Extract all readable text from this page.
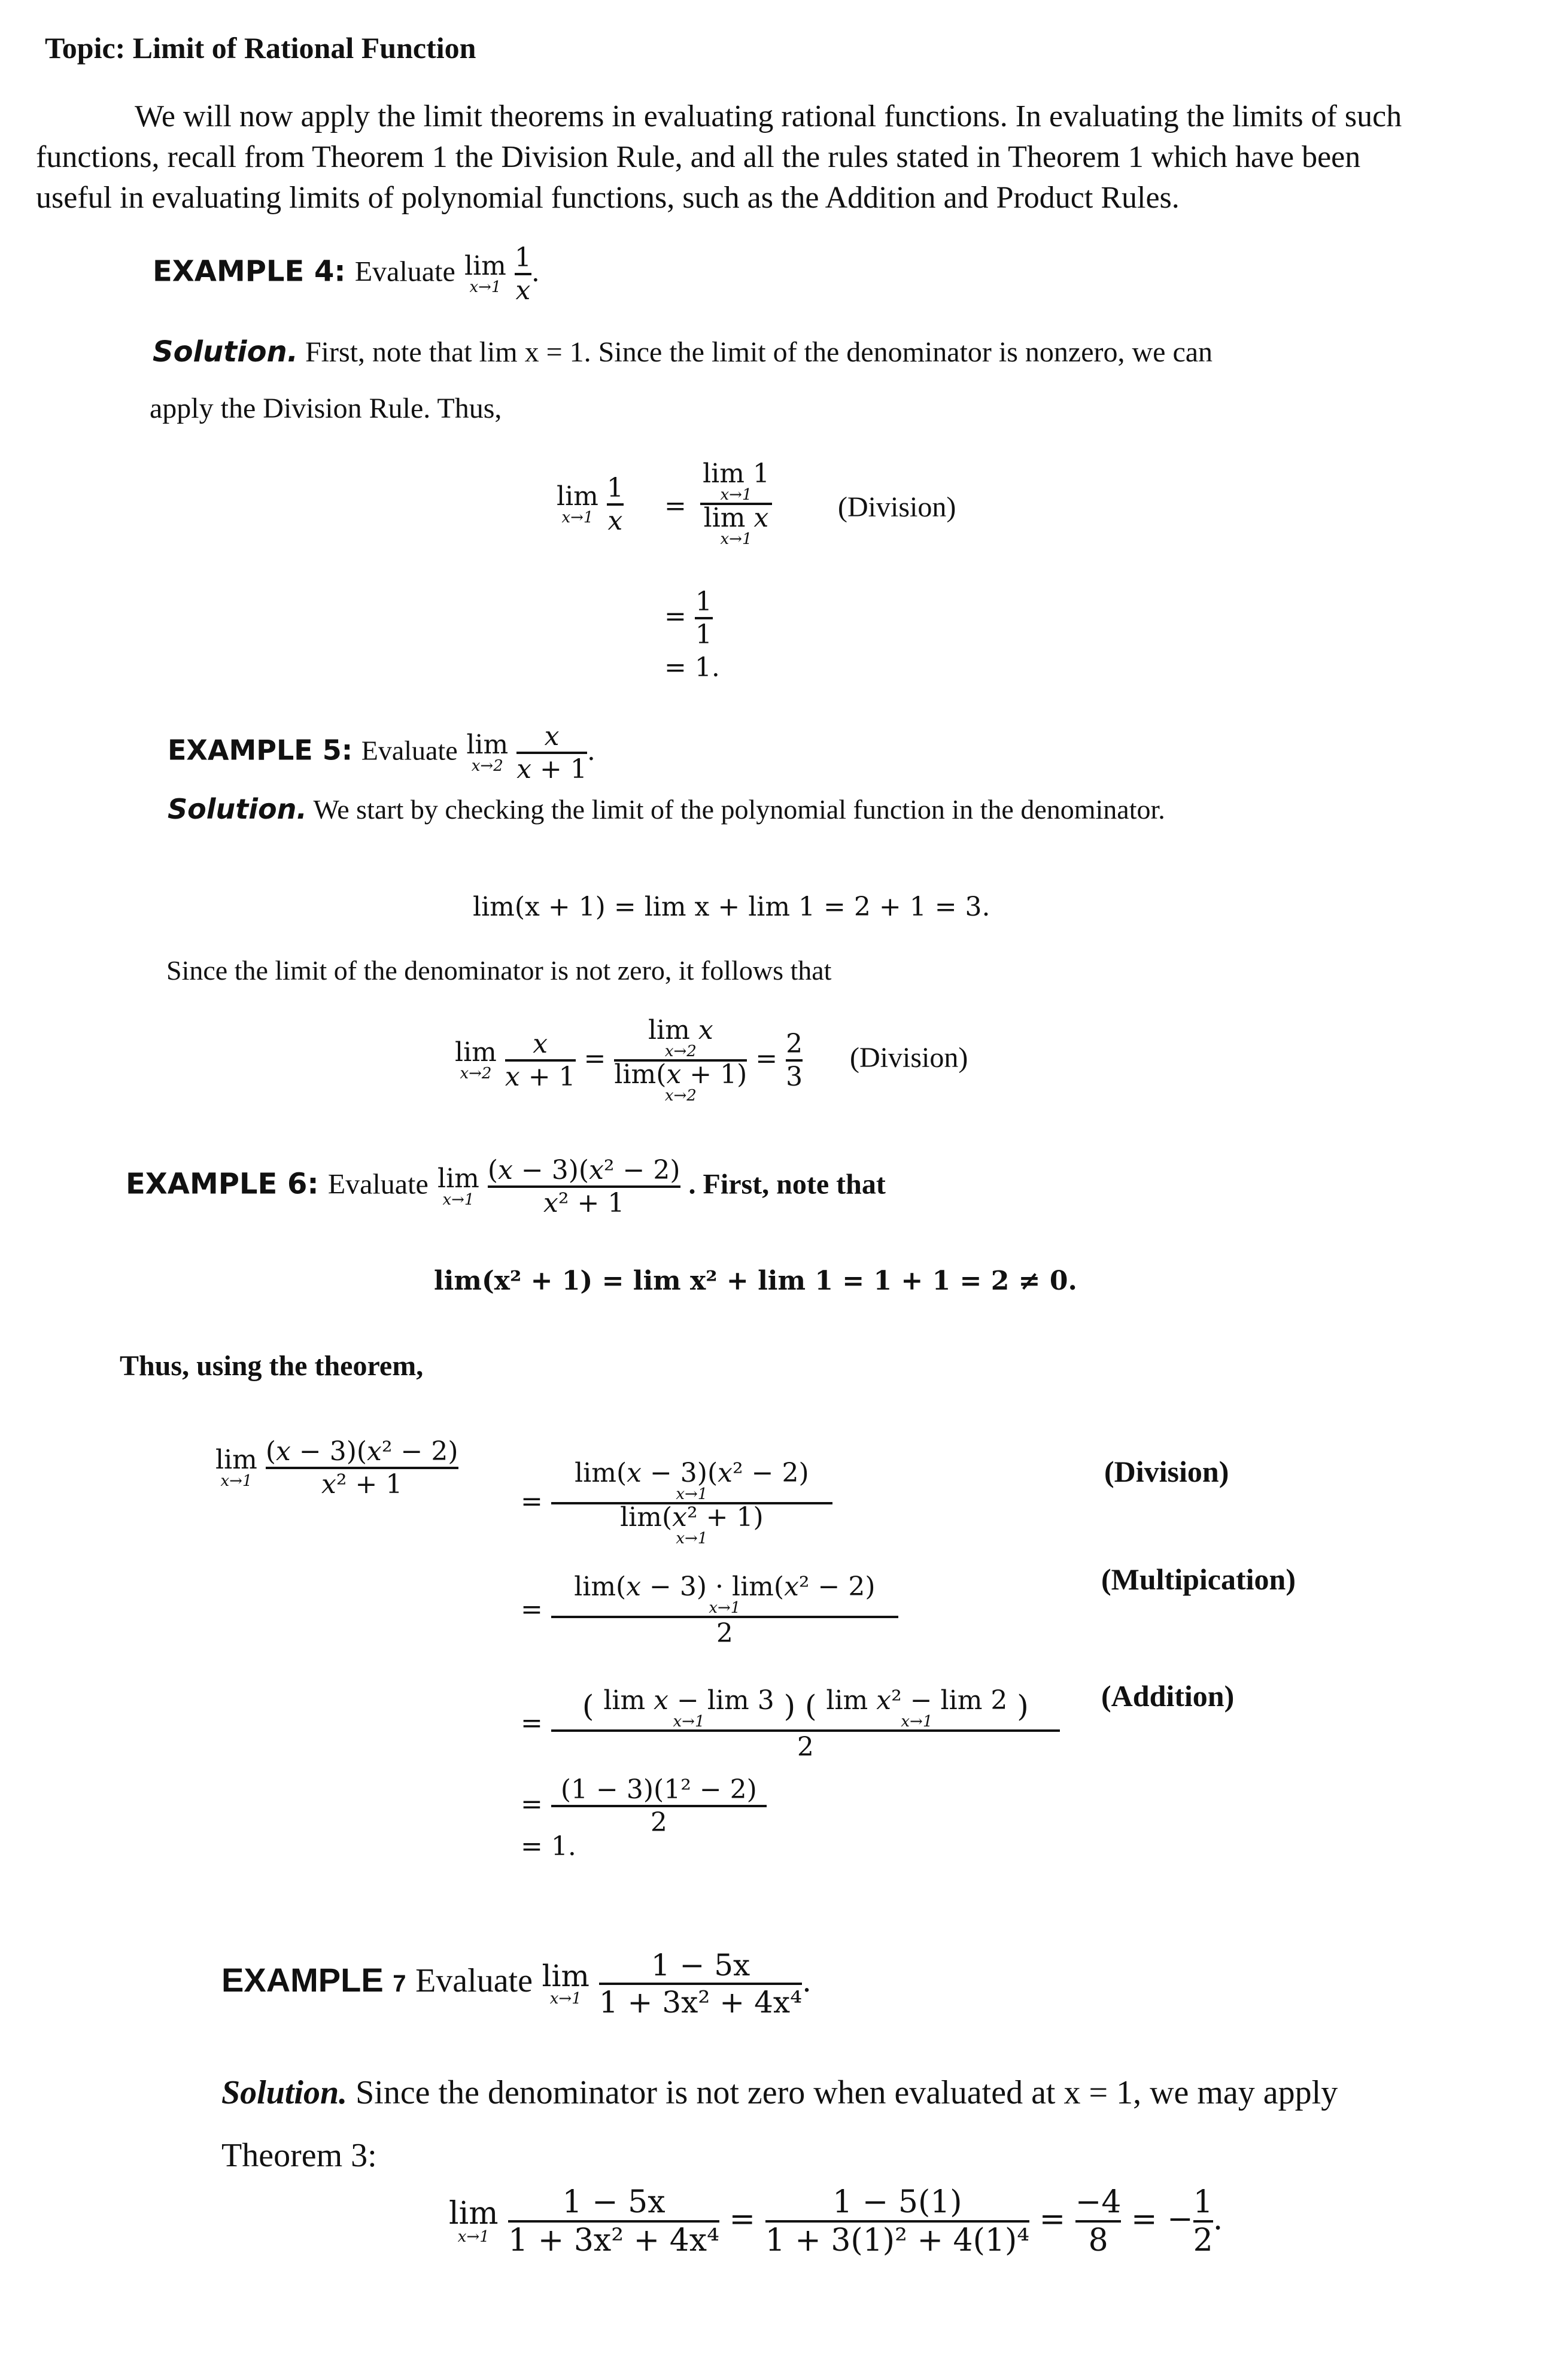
Topic: Limit of Rational Function
We will now apply the limit theorems in evaluating rational functions. In evaluating the limits of such
functions, recall from Theorem 1 the Division Rule, and all the rules stated in Theorem 1 which have been
useful in evaluating limits of polynomial functions, such as the Addition and Product Rules.
EXAMPLE 4: Evaluate lim
x→1
$\frac{1}{x}$ .
Solution. First, note that lim x = 1. Since the limit of the denominator is nonzero, we can
apply the Division Rule. Thus,
lim
x→1
$\frac{1}{x} = \lim 1$
x→1
lim x
x→1 (Division)
= $\frac{1}{1}$
= 1.
EXAMPLE 5: Evaluate lim
x→2
$\frac{x}{x + 1}$ .
Solution. We start by checking the limit of the polynomial function in the denominator.
lim(x + 1) = lim x + lim 1 = 2 + 1 = 3.
Since the limit of the denominator is not zero, it follows that
lim
x→2
$\frac{x}{x + 1} = \lim x$
x→2
lim(x + 1)
$x\to 2 = \frac{2}{3}$ (Division)
EXAMPLE 6: Evaluate lim
x→1
$\frac{\text{(x − 3)(x² − 2)}}{\text{x² + 1}}$ . First, note that
lim(x² + 1) = lim x² + lim 1 = 1 + 1 = 2 ≠ 0.
Thus, using the theorem,
lim
x→1
$\frac{\text{(x − 3)(x² − 2)}}{\text{x² + 1}}$
= lim(x − 3)(x² − 2)
x→1
lim(x² + 1)
x→1	(Division)
= lim(x − 3) · lim(x² − 2)
x→1
2	(Multipication)
= ( lim x − lim 3
x→1	) ( lim x² − lim 2
x→1	)
2 (Addition)
= $\frac{\text{(1 − 3)(1² − 2)}}{2}$
= 1.
EXAMPLE 7 Evaluate lim
x→1
$\frac{1 - 5x}{\text{1 + 3x² + 4x⁴}}$ .
Solution. Since the denominator is not zero when evaluated at x = 1, we may apply
Theorem 3:
lim
x→1
$\frac{1 - 5x}{\text{1 + 3x² + 4x⁴}} = \frac{1 - 5(1)}{\text{1 + 3(1)² + 4(1)⁴}} = \frac{-4}{8}$ = − $\frac{1}{2}$ .
